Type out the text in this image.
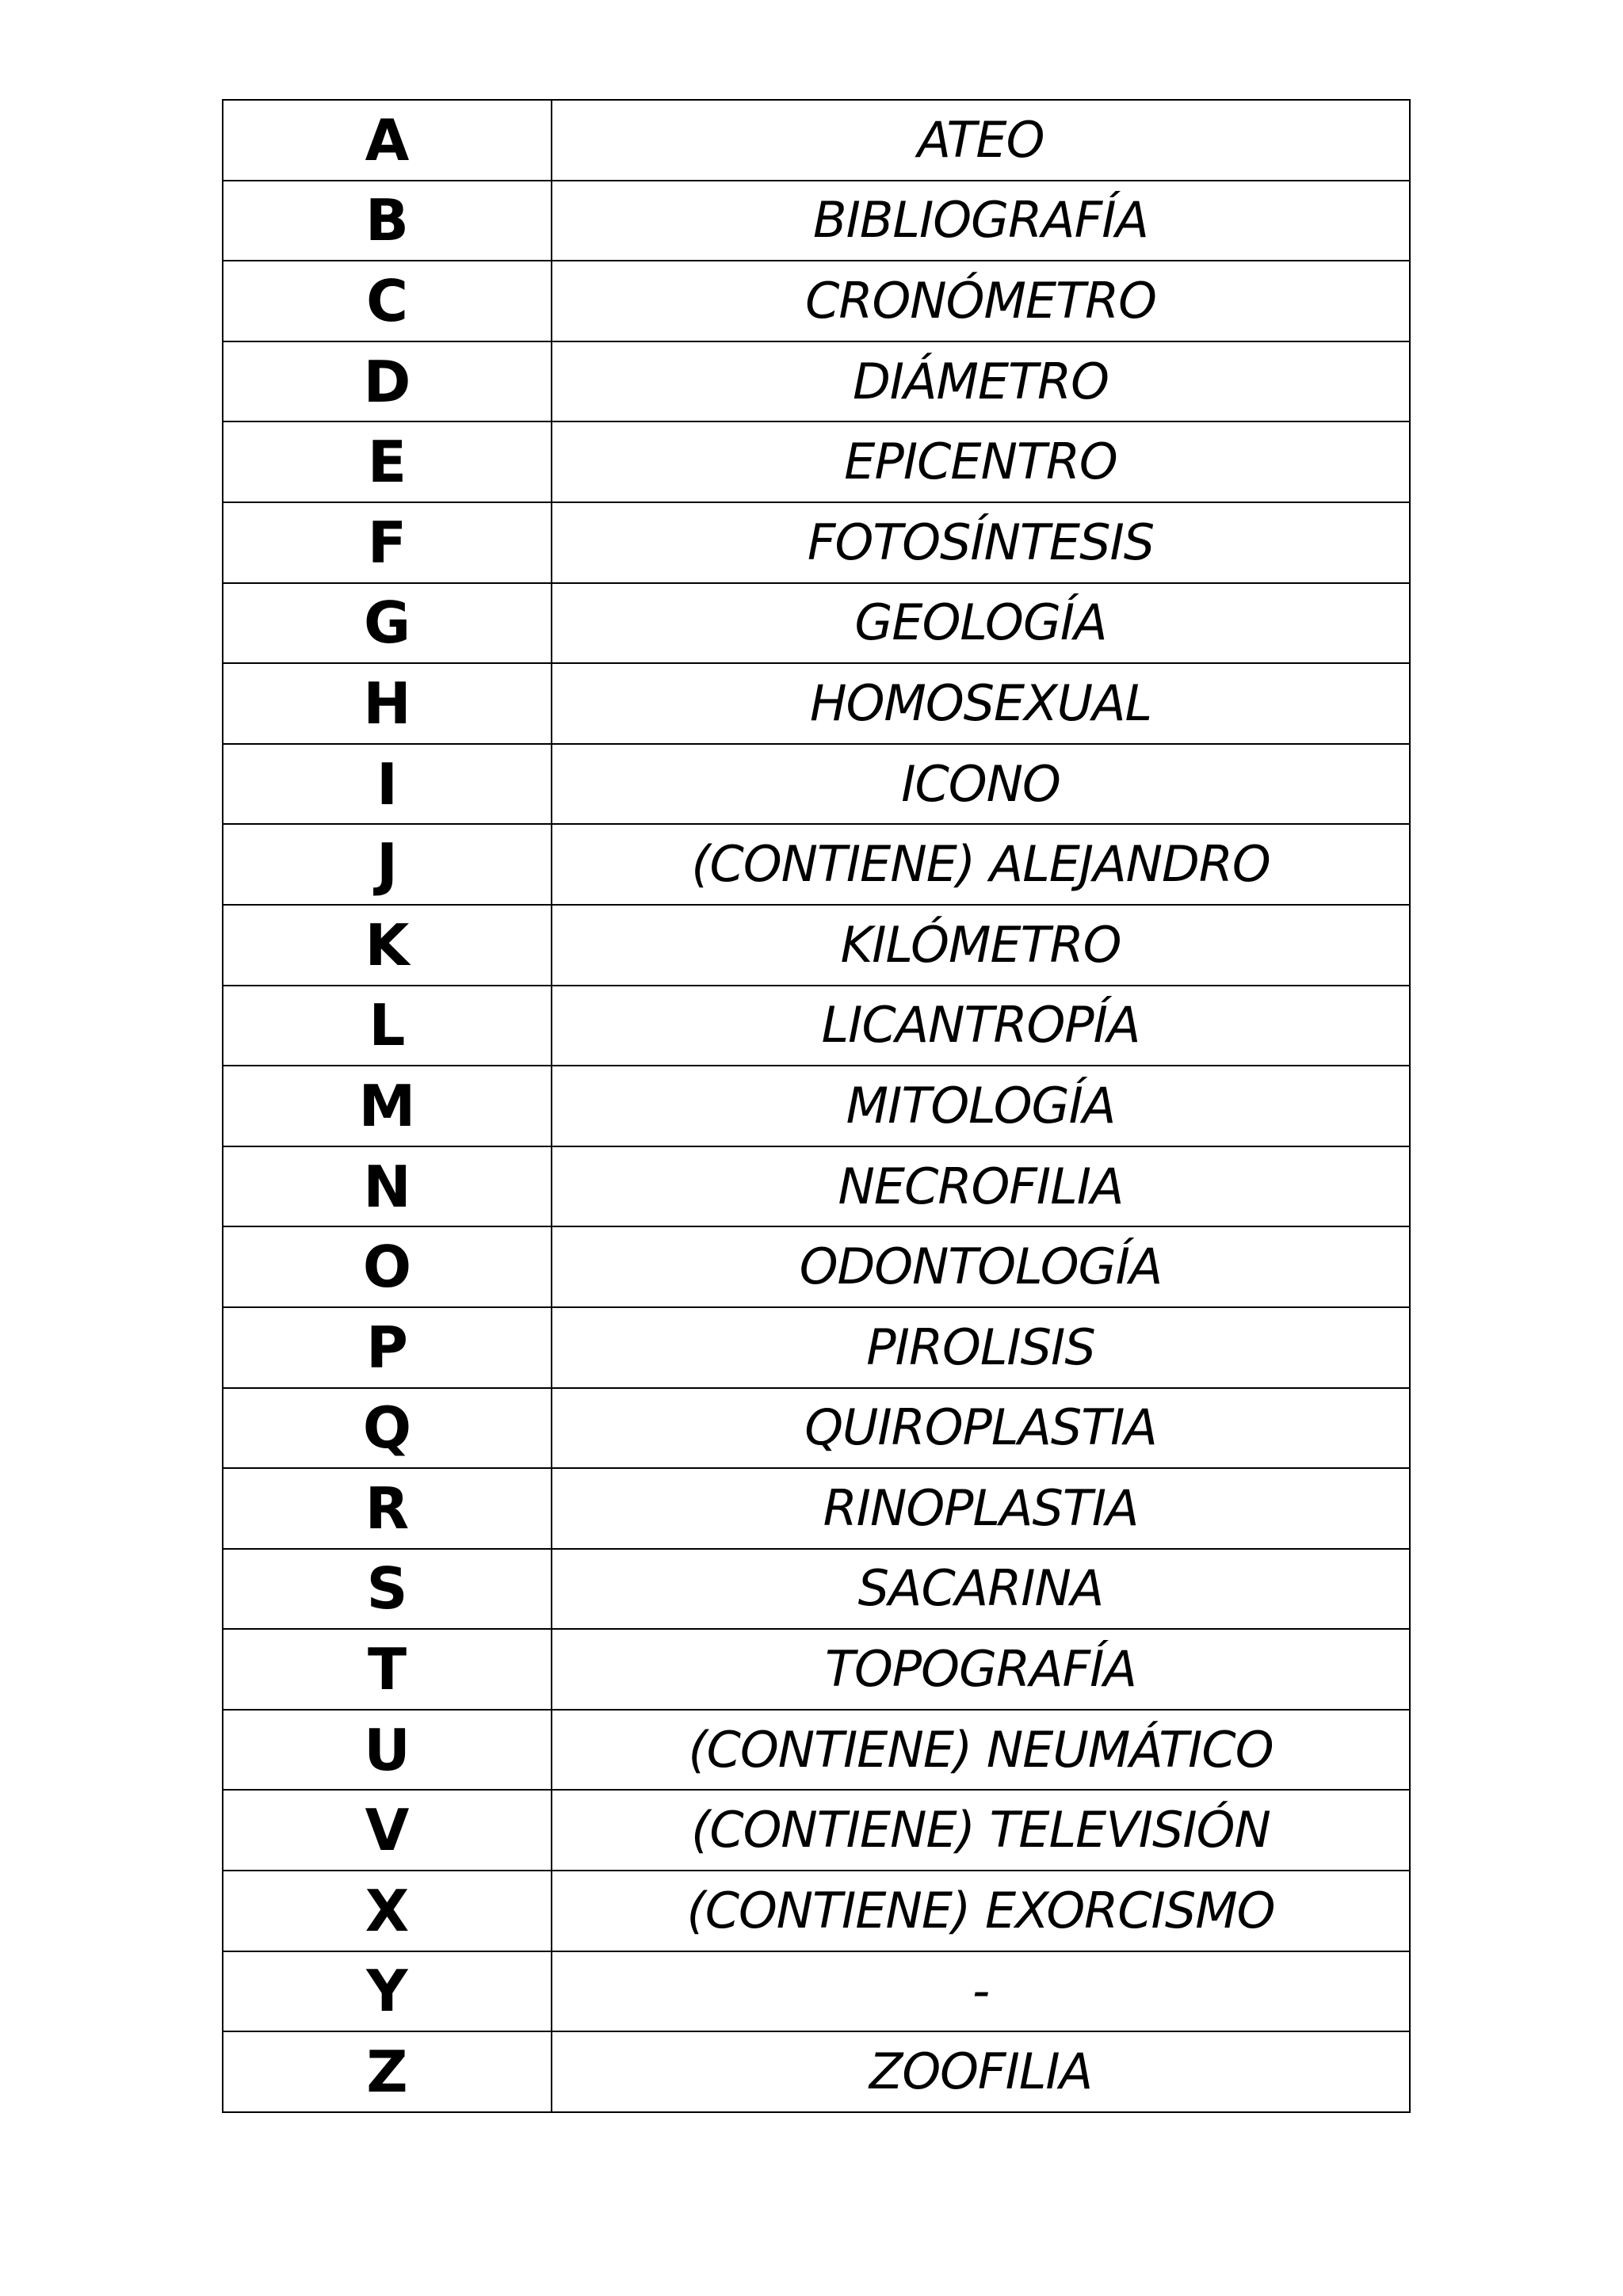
A	ATEO
B	BIBLIOGRAFÍA
C	CRONÓMETRO
D	DIÁMETRO
E	EPICENTRO
F	FOTOSÍNTESIS
G	GEOLOGÍA
H	HOMOSEXUAL
I	ICONO
J	(CONTIENE) ALEJANDRO
K	KILÓMETRO
L	LICANTROPÍA
M	MITOLOGÍA
N	NECROFILIA
O	ODONTOLOGÍA
P	PIROLISIS
Q	QUIROPLASTIA
R	RINOPLASTIA
S	SACARINA
T	TOPOGRAFÍA
U	(CONTIENE) NEUMÁTICO
V	(CONTIENE) TELEVISIÓN
X	(CONTIENE) EXORCISMO
Y	-
Z	ZOOFILIA
